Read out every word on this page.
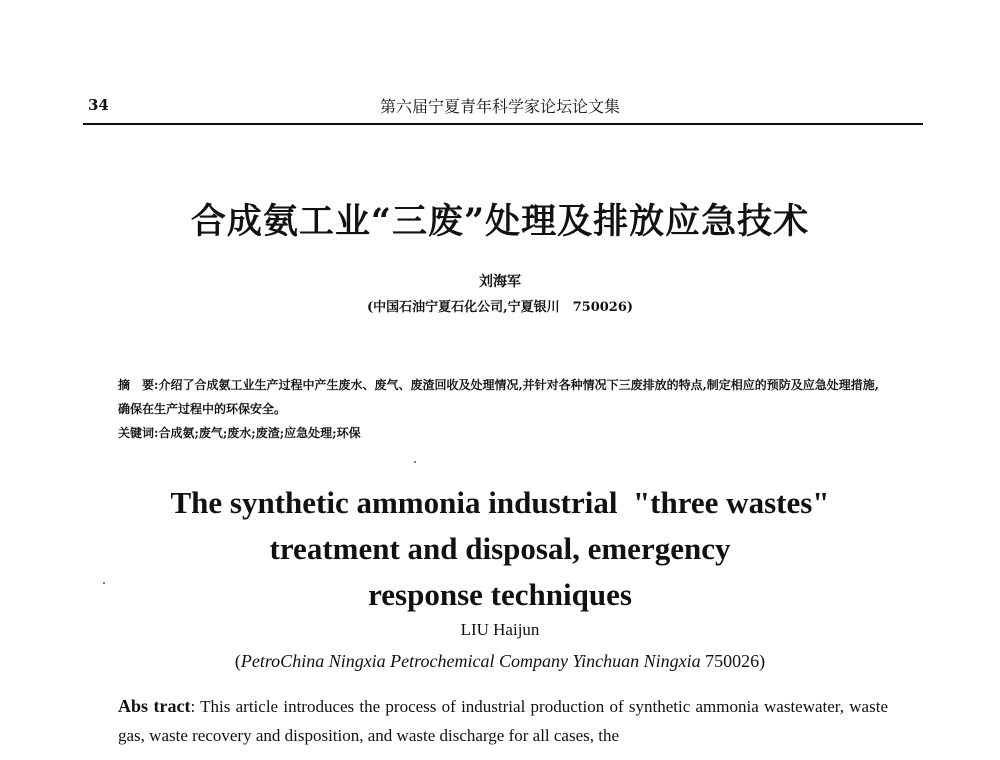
34	第六届宁夏青年科学家论坛论文集
合成氨工业“三废”处理及排放应急技术
刘海军
(中国石油宁夏石化公司,宁夏银川　750026)
摘　要:介绍了合成氨工业生产过程中产生废水、废气、废渣回收及处理情况,并针对各种情况下三废排放的特点,制定相应的预防及应急处理措施,确保在生产过程中的环保安全。
关键词:合成氨;废气;废水;废渣;应急处理;环保
The synthetic ammonia industrial  "three wastes"
treatment and disposal, emergency
response techniques
LIU Haijun
(PetroChina Ningxia Petrochemical Company Yinchuan Ningxia 750026)
Abs tract: This article introduces the process of industrial production of synthetic ammonia wastewater, waste gas, waste recovery and disposition, and waste discharge for all cases, the
